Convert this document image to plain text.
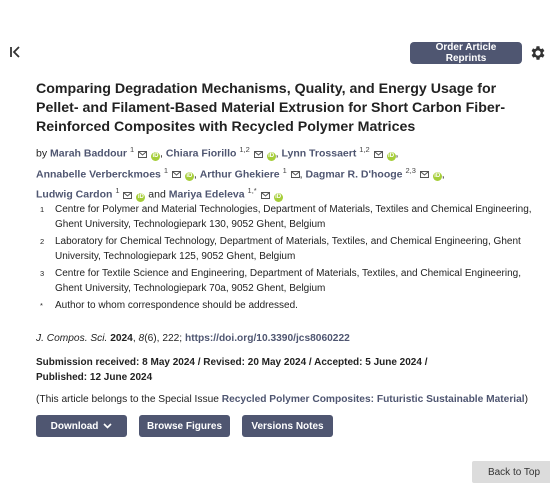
Order Article Reprints
Comparing Degradation Mechanisms, Quality, and Energy Usage for Pellet- and Filament-Based Material Extrusion for Short Carbon Fiber-Reinforced Composites with Recycled Polymer Matrices
by Marah Baddour $^1$  iD , Chiara Fiorillo $^{1,2}$  iD , Lynn Trossaert $^{1,2}$  iD ,
Annabelle Verberckmoes $^1$  iD , Arthur Ghekiere $^1$ , Dagmar R. D'hooge $^{2,3}$  iD ,
Ludwig Cardon $^1$  iD and Mariya Edeleva $^{1,*}$  iD
1	Centre for Polymer and Material Technologies, Department of Materials, Textiles and Chemical Engineering, Ghent University, Technologiepark 130, 9052 Ghent, Belgium
2	Laboratory for Chemical Technology, Department of Materials, Textiles, and Chemical Engineering, Ghent University, Technologiepark 125, 9052 Ghent, Belgium
3	Centre for Textile Science and Engineering, Department of Materials, Textiles, and Chemical Engineering, Ghent University, Technologiepark 70a, 9052 Ghent, Belgium
*	Author to whom correspondence should be addressed.
J. Compos. Sci. 2024, 8(6), 222; https://doi.org/10.3390/jcs8060222
Submission received: 8 May 2024 / Revised: 20 May 2024 / Accepted: 5 June 2024 /
Published: 12 June 2024
(This article belongs to the Special Issue Recycled Polymer Composites: Futuristic Sustainable Material)
Download	Browse Figures	Versions Notes
Back to Top
